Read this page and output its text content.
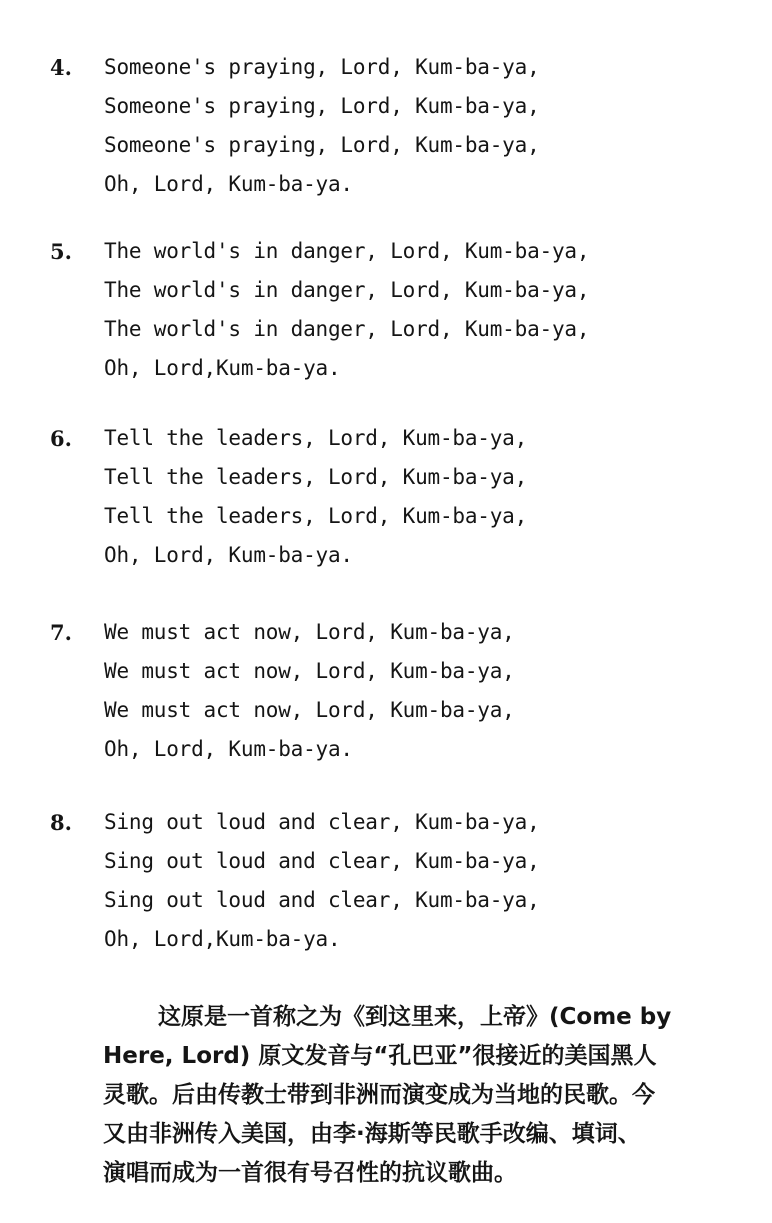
4.	Someone's praying, Lord, Kum-ba-ya,
Someone's praying, Lord, Kum-ba-ya,
Someone's praying, Lord, Kum-ba-ya,
Oh, Lord, Kum-ba-ya.
5.	The world's in danger, Lord, Kum-ba-ya,
The world's in danger, Lord, Kum-ba-ya,
The world's in danger, Lord, Kum-ba-ya,
Oh, Lord,Kum-ba-ya.
6.	Tell the leaders, Lord, Kum-ba-ya,
Tell the leaders, Lord, Kum-ba-ya,
Tell the leaders, Lord, Kum-ba-ya,
Oh, Lord, Kum-ba-ya.
7.	We must act now, Lord, Kum-ba-ya,
We must act now, Lord, Kum-ba-ya,
We must act now, Lord, Kum-ba-ya,
Oh, Lord, Kum-ba-ya.
8.	Sing out loud and clear, Kum-ba-ya,
Sing out loud and clear, Kum-ba-ya,
Sing out loud and clear, Kum-ba-ya,
Oh, Lord,Kum-ba-ya.
这原是一首称之为《到这里来，上帝》(Come by
Here, Lord) 原文发音与“孔巴亚”很接近的美国黑人
灵歌。后由传教士带到非洲而演变成为当地的民歌。今
又由非洲传入美国，由李·海斯等民歌手改编、填词、
演唱而成为一首很有号召性的抗议歌曲。
